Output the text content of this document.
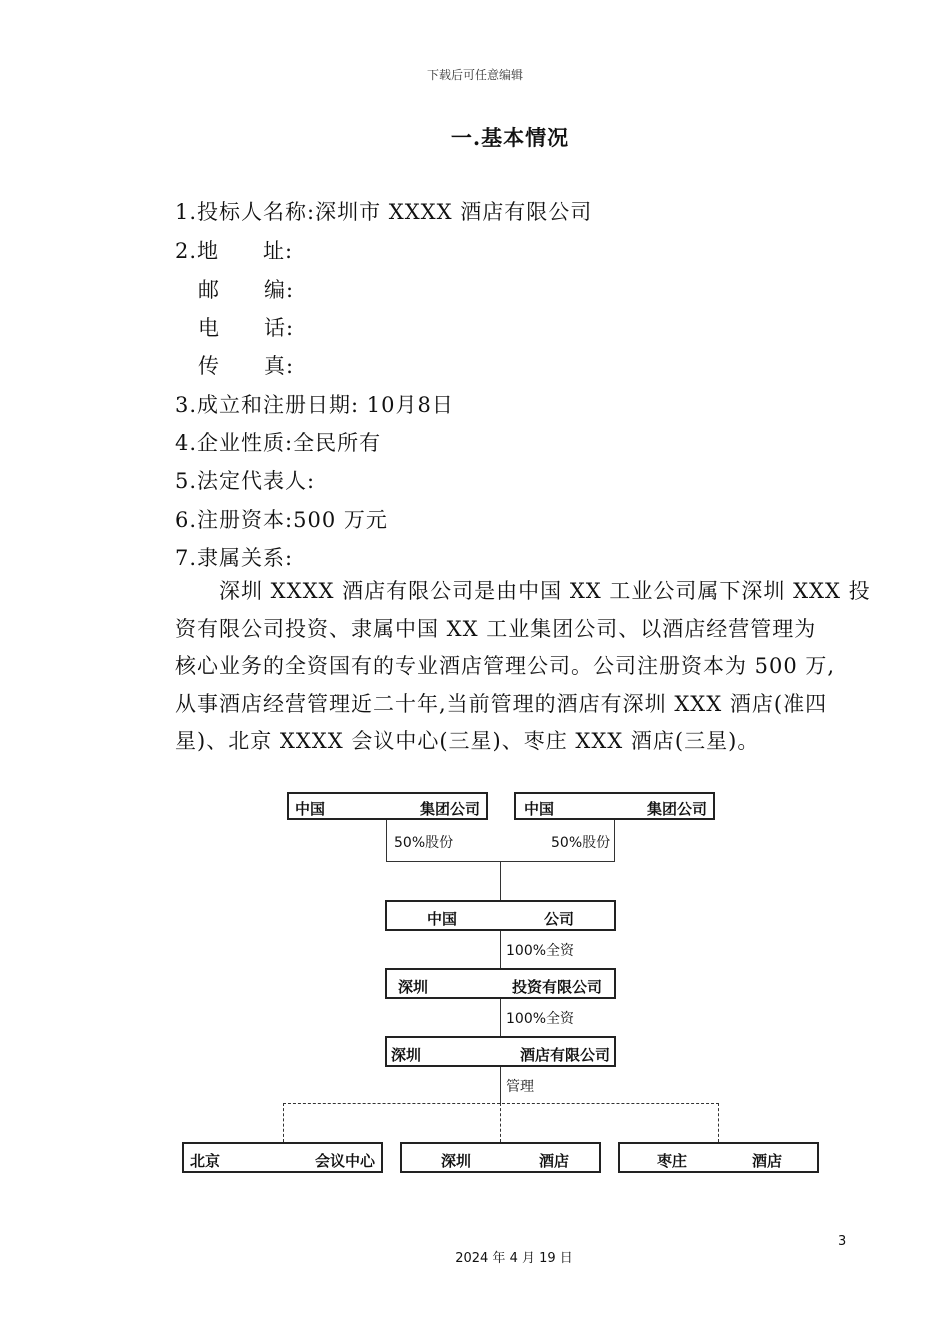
下载后可任意编辑
一.基本情况
1.投标人名称:深圳市 XXXX 酒店有限公司
2.地　　址:
邮　　编:
电　　话:
传　　真:
3.成立和注册日期: 10月8日
4.企业性质:全民所有
5.法定代表人:
6.注册资本:500 万元
7.隶属关系:
深圳 XXXX 酒店有限公司是由中国 XX 工业公司属下深圳 XXX 投
资有限公司投资、隶属中国 XX 工业集团公司、以酒店经营管理为
核心业务的全资国有的专业酒店管理公司。公司注册资本为 500 万,
从事酒店经营管理近二十年,当前管理的酒店有深圳 XXX 酒店(准四
星)、北京 XXXX 会议中心(三星)、枣庄 XXX 酒店(三星)。
中国	集团公司	中国	集团公司
50%股份	50%股份
中国	公司
100%全资
深圳	投资有限公司
100%全资
深圳	酒店有限公司
管理
北京	会议中心	深圳	酒店	枣庄	酒店
3
2024 年 4 月 19 日
